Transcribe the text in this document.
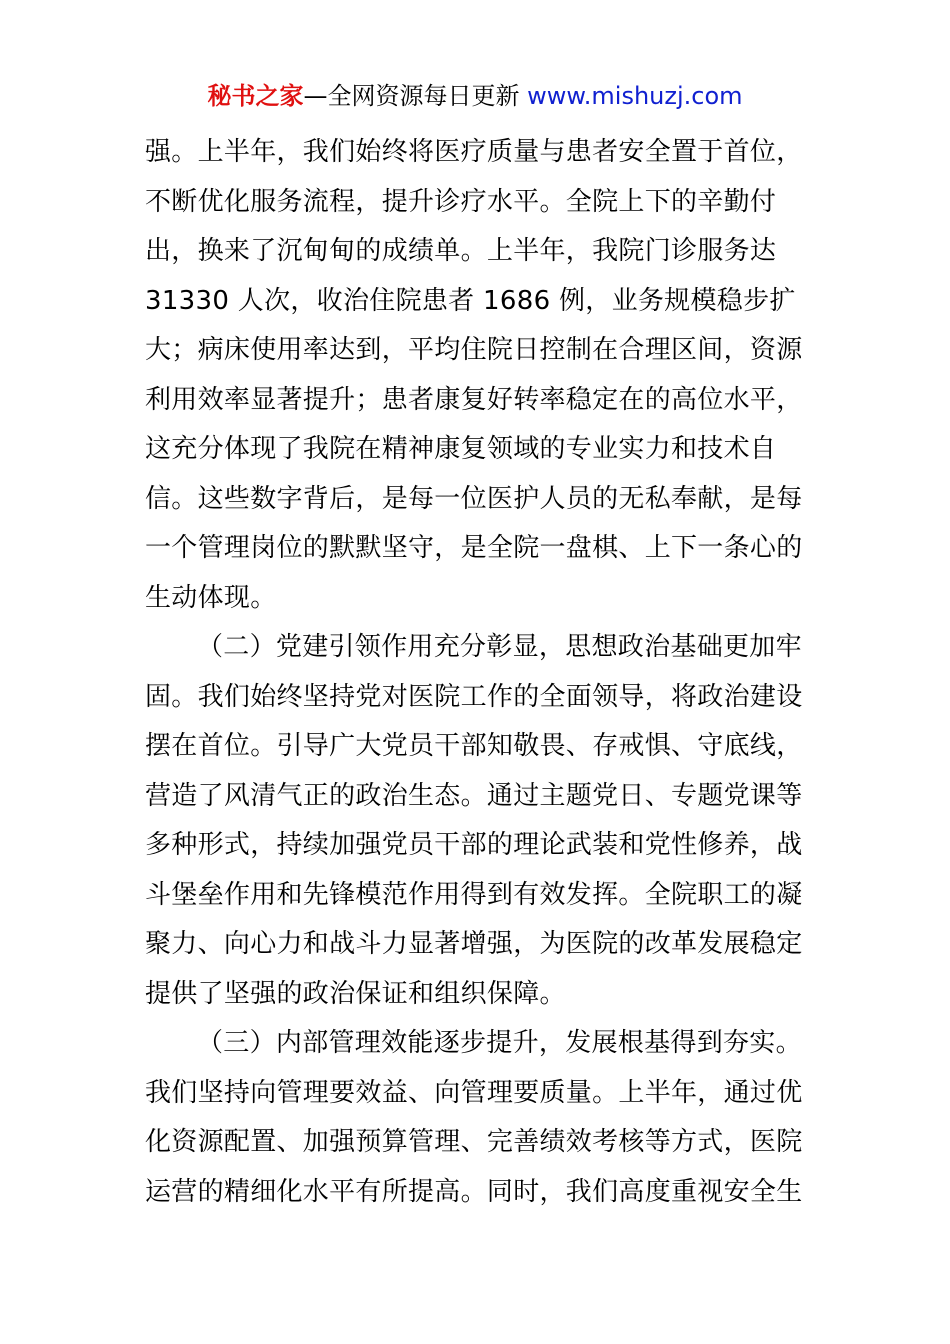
秘书之家—全网资源每日更新 www.mishuzj.com
强。上半年，我们始终将医疗质量与患者安全置于首位，
不断优化服务流程，提升诊疗水平。全院上下的辛勤付
出，换来了沉甸甸的成绩单。上半年，我院门诊服务达
31330 人次，收治住院患者 1686 例，业务规模稳步扩
大；病床使用率达到，平均住院日控制在合理区间，资源
利用效率显著提升；患者康复好转率稳定在的高位水平，
这充分体现了我院在精神康复领域的专业实力和技术自
信。这些数字背后，是每一位医护人员的无私奉献，是每
一个管理岗位的默默坚守，是全院一盘棋、上下一条心的
生动体现。
（二）党建引领作用充分彰显，思想政治基础更加牢
固。我们始终坚持党对医院工作的全面领导，将政治建设
摆在首位。引导广大党员干部知敬畏、存戒惧、守底线，
营造了风清气正的政治生态。通过主题党日、专题党课等
多种形式，持续加强党员干部的理论武装和党性修养，战
斗堡垒作用和先锋模范作用得到有效发挥。全院职工的凝
聚力、向心力和战斗力显著增强，为医院的改革发展稳定
提供了坚强的政治保证和组织保障。
（三）内部管理效能逐步提升，发展根基得到夯实。
我们坚持向管理要效益、向管理要质量。上半年，通过优
化资源配置、加强预算管理、完善绩效考核等方式，医院
运营的精细化水平有所提高。同时，我们高度重视安全生
